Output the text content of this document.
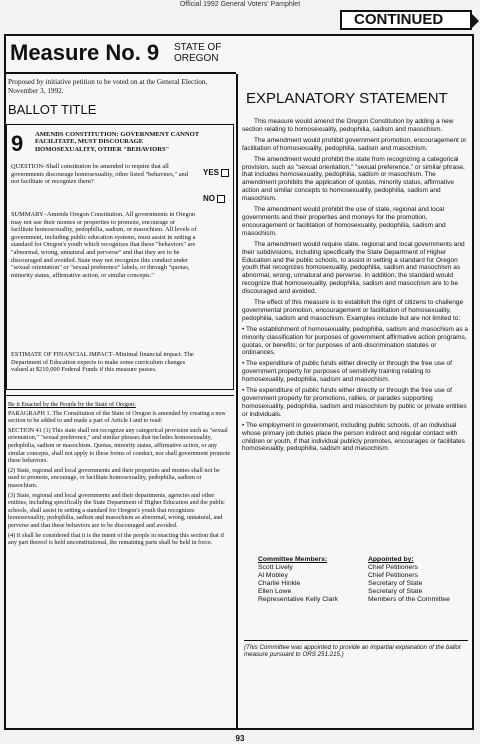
Official 1992 General Voters' Pamphlet
CONTINUED
Measure No. 9 STATE OF OREGON
Proposed by initiative petition to be voted on at the General Election, November 3, 1992.
BALLOT TITLE
9 AMENDS CONSTITUTION: GOVERNMENT CANNOT FACILITATE, MUST DISCOURAGE HOMOSEXUALITY, OTHER "BEHAVIORS"
YES
NO
QUESTION–Shall constitution be amended to require that all governments discourage homosexuality, other listed "behaviors," and not facilitate or recognize them?
SUMMARY–Amends Oregon Constitution. All governments in Oregon may not use their monies or properties to promote, encourage or facilitate homosexuality, pedophilia, sadism, or masochism. All levels of government, including public education systems, must assist in setting a standard for Oregon's youth which recognizes that these "behaviors" are "abnormal, wrong, unnatural and perverse" and that they are to be discouraged and avoided. State may not recognize this conduct under "sexual orientation" or "sexual preference" labels, or through "quotas, minority status, affirmative action, or similar concepts."
ESTIMATE OF FINANCIAL IMPACT–Minimal financial impact. The Department of Education expects to make some curriculum changes valued at $210,000 Federal Funds if this measure passes.

Be it Enacted by the People by the State of Oregon:

PARAGRAPH 1. The Constitution of the State of Oregon is amended by creating a new section to be added to and made a part of Article I and to read:

SECTION 41 (1) This state shall not recognize any categorical provision such as "sexual orientation," "sexual preference," and similar phrases that includes homosexuality, pedophilia, sadism or masochism. Quotas, minority status, affirmative action, or any similar concepts, shall not apply to these forms of conduct, nor shall government promote these behaviors.

(2) State, regional and local governments and their properties and monies shall not be used to promote, encourage, or facilitate homosexuality, pedophilia, sadism or masochism.

(3) State, regional and local governments and their departments, agencies and other entities, including specifically the State Department of Higher Education and the public schools, shall assist in setting a standard for Oregon's youth that recognizes homosexuality, pedophilia, sadism and masochism as abnormal, wrong, unnatural, and perverse and that these behaviors are to be discouraged and avoided.

(4) It shall be considered that it is the intent of the people in enacting this section that if any part thereof is held unconstitutional, the remaining parts shall be held in force.

EXPLANATORY STATEMENT

This measure would amend the Oregon Constitution by adding a new section relating to homosexuality, pedophilia, sadism and masochism.

The amendment would prohibit government promotion, encouragement or facilitation of homosexuality, pedophilia, sadism and masochism.

The amendment would prohibit the state from recognizing a categorical provision, such as "sexual orientation," "sexual preference," or similar phrase, that includes homosexuality, pedophilia, sadism or masochism. The amendment prohibits the application of quotas, minority status, affirmative action and similar concepts to homosexuality, pedophilia, sadism and masochism.

The amendment would prohibit the use of state, regional and local governments and their properties and moneys for the promotion, encouragement or facilitation of homosexuality, pedophilia, sadism and masochism.

The amendment would require state, regional and local governments and their subdivisions, including specifically the State Department of Higher Education and the public schools, to assist in setting a standard for Oregon youth that recognizes homosexuality, pedophilia, sadism and masochism as abnormal, wrong, unnatural and perverse. In addition, the standard would recognize that homosexuality, pedophilia, sadism and masochism are to be discouraged and avoided.

The effect of this measure is to establish the right of citizens to challenge governmental promotion, encouragement or facilitation of homosexuality, pedophilia, sadism and masochism. Examples include but are not limited to:

• The establishment of homosexuality, pedophilia, sadism and masochism as a minority classification for purposes of government affirmative action programs, quotas, or benefits; or for purposes of anti-discrimination statutes or ordinances.

• The expenditure of public funds either directly or through the free use of government property for purposes of sensitivity training relating to homosexuality, pedophilia, sadism and masochism.

• The expenditure of public funds either directly or through the free use of government property for promotions, rallies, or parades supporting homosexuality, pedophilia, sadism and masochism by public or private entities or individuals.

• The employment in government, including public schools, of an individual whose primary job duties place the person indirect and regular contact with children or youth, if that individual publicly promotes, encourages or facilitates homosexuality, pedophilia, sadism and masochism.

Committee Members:
Scott Lively
Al Mobley
Charlie Hinkle
Ellen Lowe
Representative Kelly Clark
Appointed by:
Chief Petitioners
Chief Petitioners
Secretary of State
Secretary of State
Members of the Committee
(This Committee was appointed to provide an impartial explanation of the ballot measure pursuant to ORS 251.215.)
93
